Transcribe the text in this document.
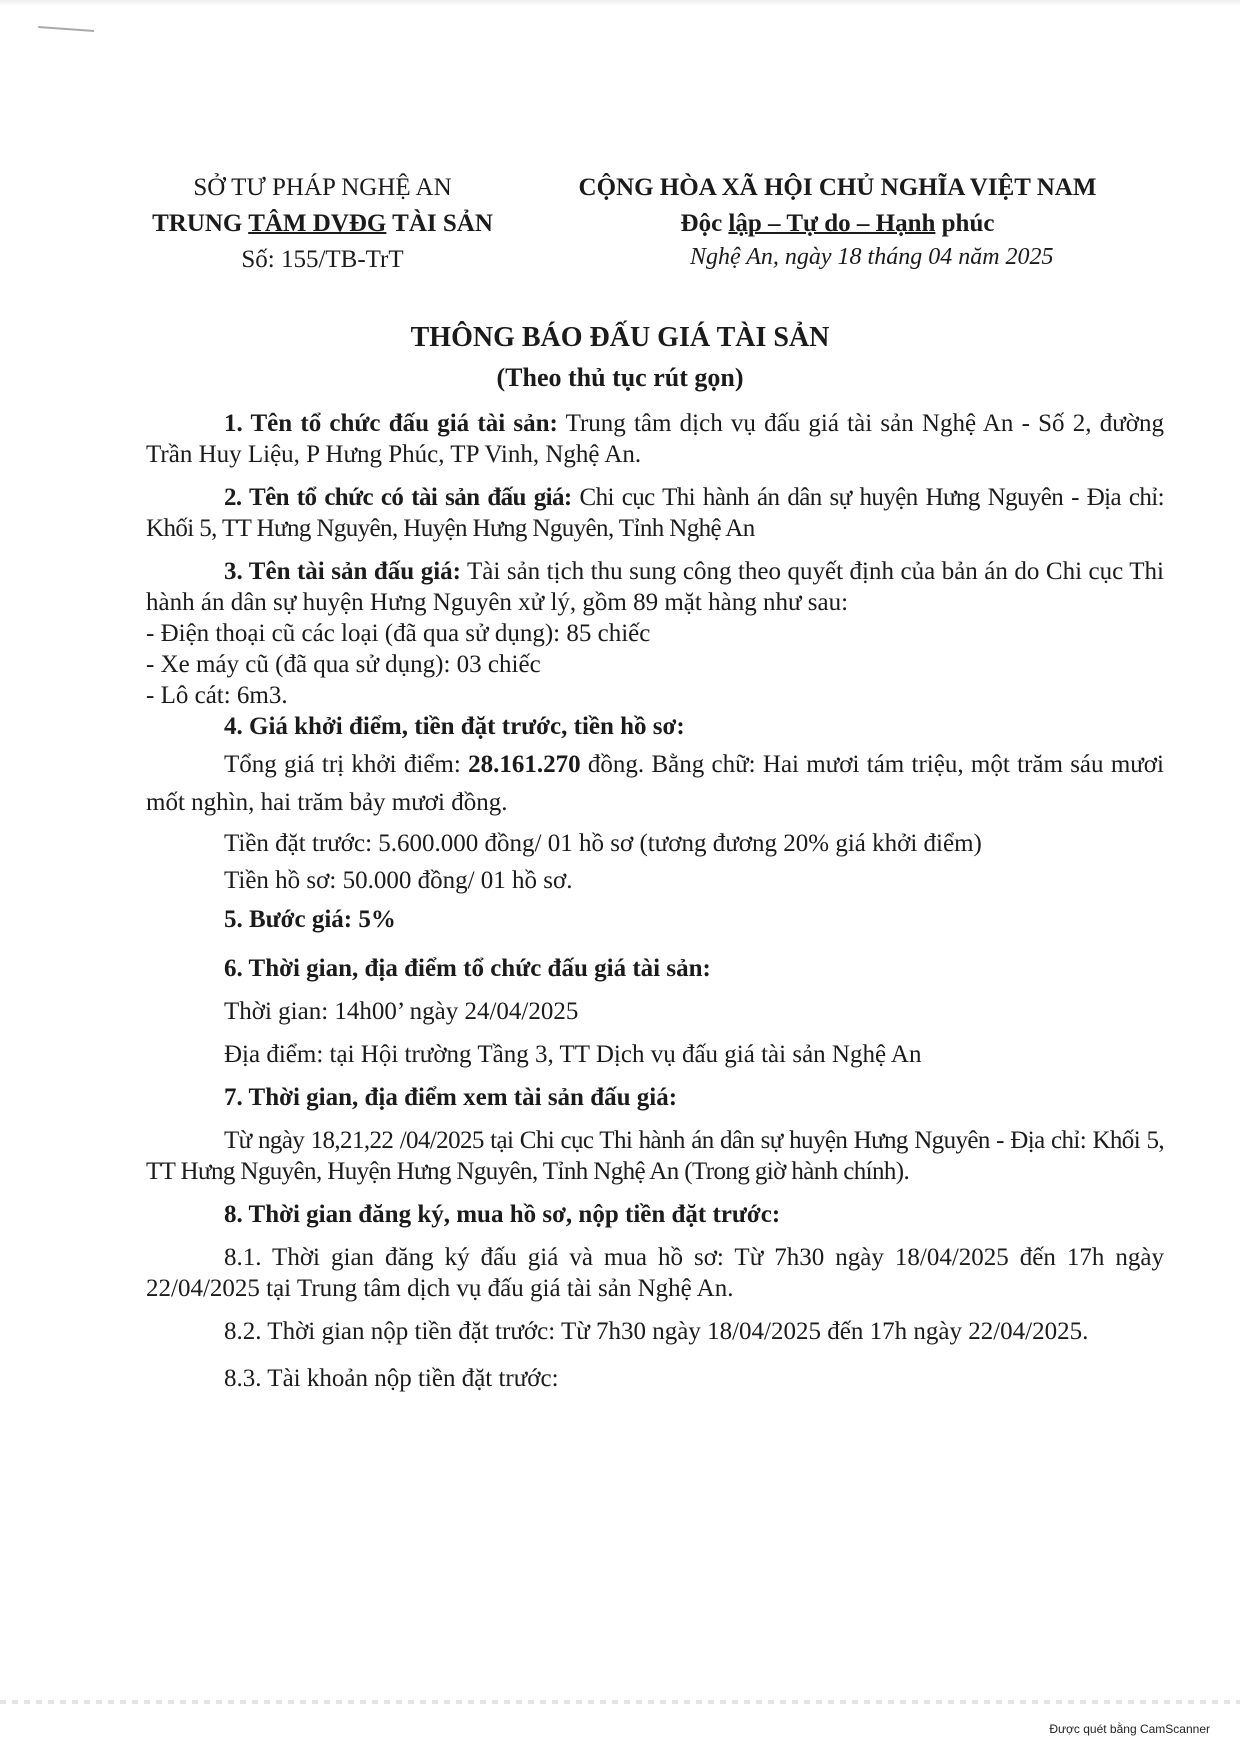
SỞ TƯ PHÁP NGHỆ AN
TRUNG TÂM DVĐG TÀI SẢN
Số: 155/TB-TrT
CỘNG HÒA XÃ HỘI CHỦ NGHĨA VIỆT NAM
Độc lập – Tự do – Hạnh phúc
Nghệ An, ngày 18 tháng 04 năm 2025
THÔNG BÁO ĐẤU GIÁ TÀI SẢN
(Theo thủ tục rút gọn)

1. Tên tổ chức đấu giá tài sản: Trung tâm dịch vụ đấu giá tài sản Nghệ An - Số 2, đường Trần Huy Liệu, P Hưng Phúc, TP Vinh, Nghệ An.

2. Tên tổ chức có tài sản đấu giá: Chi cục Thi hành án dân sự huyện Hưng Nguyên - Địa chỉ: Khối 5, TT Hưng Nguyên, Huyện Hưng Nguyên, Tỉnh Nghệ An

3. Tên tài sản đấu giá: Tài sản tịch thu sung công theo quyết định của bản án do Chi cục Thi hành án dân sự huyện Hưng Nguyên xử lý, gồm 89 mặt hàng như sau:

- Điện thoại cũ các loại (đã qua sử dụng): 85 chiếc

- Xe máy cũ (đã qua sử dụng): 03 chiếc

- Lô cát: 6m3.

4. Giá khởi điểm, tiền đặt trước, tiền hồ sơ:

Tổng giá trị khởi điểm: 28.161.270 đồng. Bằng chữ: Hai mươi tám triệu, một trăm sáu mươi mốt nghìn, hai trăm bảy mươi đồng.

Tiền đặt trước: 5.600.000 đồng/ 01 hồ sơ (tương đương 20% giá khởi điểm)

Tiền hồ sơ: 50.000 đồng/ 01 hồ sơ.

5. Bước giá: 5%

6. Thời gian, địa điểm tổ chức đấu giá tài sản:

Thời gian: 14h00’ ngày 24/04/2025

Địa điểm: tại Hội trường Tầng 3, TT Dịch vụ đấu giá tài sản Nghệ An

7. Thời gian, địa điểm xem tài sản đấu giá:

Từ ngày 18,21,22 /04/2025 tại Chi cục Thi hành án dân sự huyện Hưng Nguyên - Địa chỉ: Khối 5, TT Hưng Nguyên, Huyện Hưng Nguyên, Tỉnh Nghệ An (Trong giờ hành chính).

8. Thời gian đăng ký, mua hồ sơ, nộp tiền đặt trước:

8.1. Thời gian đăng ký đấu giá và mua hồ sơ: Từ 7h30 ngày 18/04/2025 đến 17h ngày 22/04/2025 tại Trung tâm dịch vụ đấu giá tài sản Nghệ An.

8.2. Thời gian nộp tiền đặt trước: Từ 7h30 ngày 18/04/2025 đến 17h ngày 22/04/2025.

8.3. Tài khoản nộp tiền đặt trước:

Được quét bằng CamScanner
